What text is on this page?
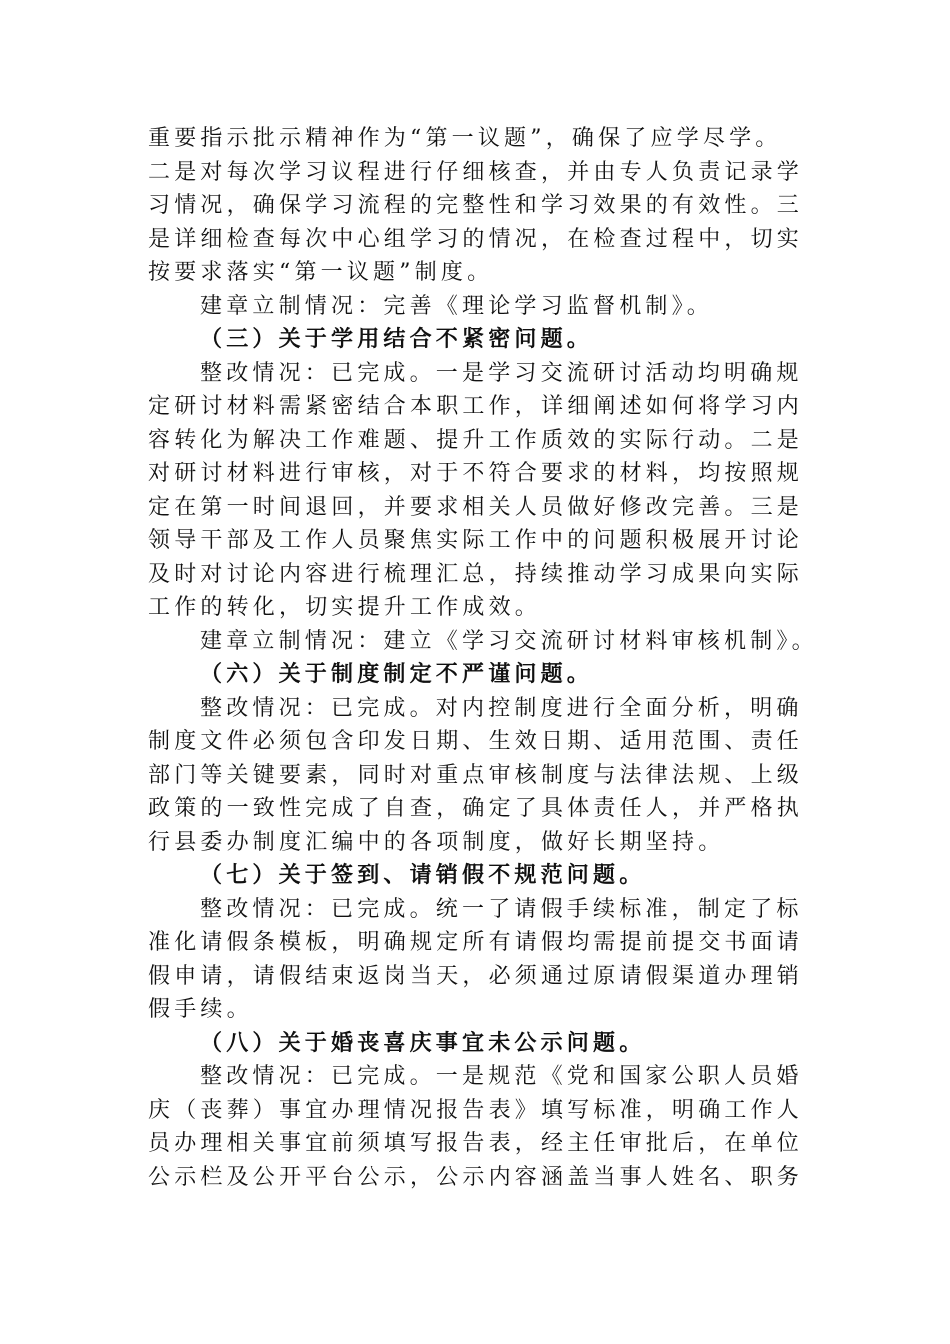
重要指示批示精神作为“第一议题”，确保了应学尽学。
二是对每次学习议程进行仔细核查，并由专人负责记录学
习情况，确保学习流程的完整性和学习效果的有效性。三
是详细检查每次中心组学习的情况，在检查过程中，切实
按要求落实“第一议题”制度。
建章立制情况：完善《理论学习监督机制》。
（三）关于学用结合不紧密问题。
整改情况：已完成。一是学习交流研讨活动均明确规
定研讨材料需紧密结合本职工作，详细阐述如何将学习内
容转化为解决工作难题、提升工作质效的实际行动。二是
对研讨材料进行审核，对于不符合要求的材料，均按照规
定在第一时间退回，并要求相关人员做好修改完善。三是
领导干部及工作人员聚焦实际工作中的问题积极展开讨论
及时对讨论内容进行梳理汇总，持续推动学习成果向实际
工作的转化，切实提升工作成效。
建章立制情况：建立《学习交流研讨材料审核机制》。
（六）关于制度制定不严谨问题。
整改情况：已完成。对内控制度进行全面分析，明确
制度文件必须包含印发日期、生效日期、适用范围、责任
部门等关键要素，同时对重点审核制度与法律法规、上级
政策的一致性完成了自查，确定了具体责任人，并严格执
行县委办制度汇编中的各项制度，做好长期坚持。
（七）关于签到、请销假不规范问题。
整改情况：已完成。统一了请假手续标准，制定了标
准化请假条模板，明确规定所有请假均需提前提交书面请
假申请，请假结束返岗当天，必须通过原请假渠道办理销
假手续。
（八）关于婚丧喜庆事宜未公示问题。
整改情况：已完成。一是规范《党和国家公职人员婚
庆（丧葬）事宜办理情况报告表》填写标准，明确工作人
员办理相关事宜前须填写报告表，经主任审批后，在单位
公示栏及公开平台公示，公示内容涵盖当事人姓名、职务
